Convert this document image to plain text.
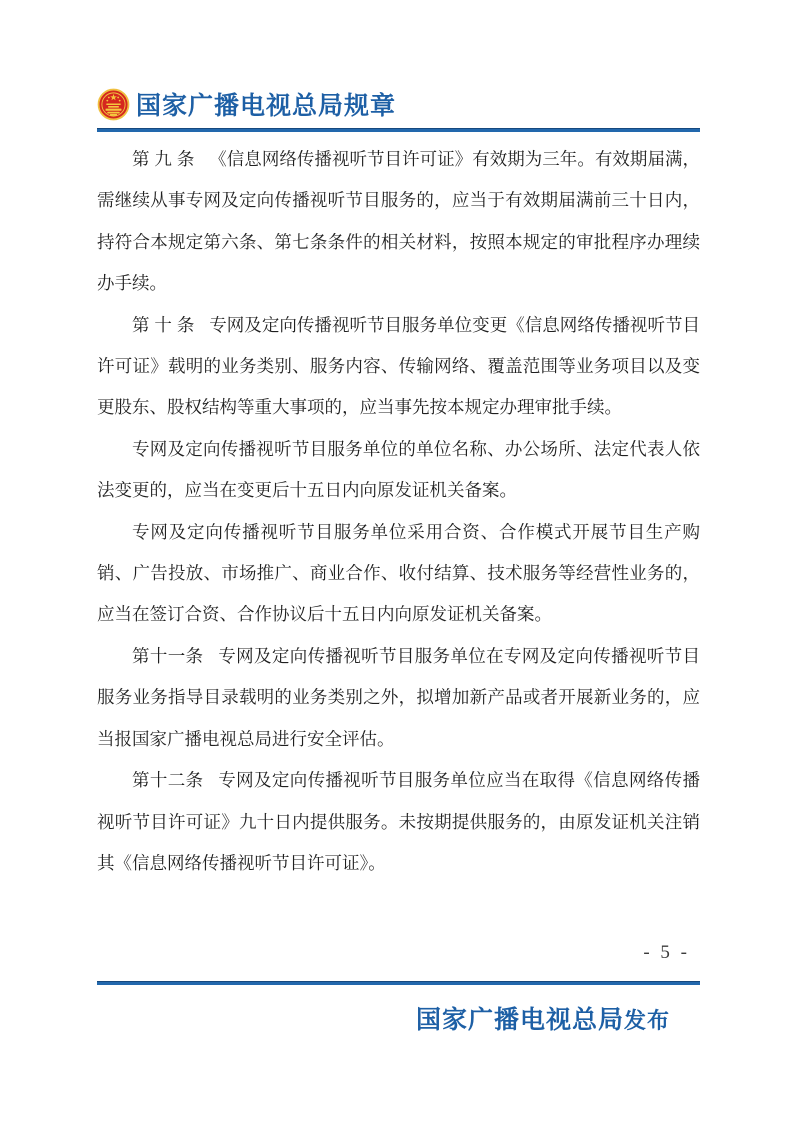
国家广播电视总局规章

第 九 条 《信息网络传播视听节目许可证》有效期为三年。有效期届满，需继续从事专网及定向传播视听节目服务的，应当于有效期届满前三十日内，持符合本规定第六条、第七条条件的相关材料，按照本规定的审批程序办理续办手续。

第 十 条 专网及定向传播视听节目服务单位变更《信息网络传播视听节目许可证》载明的业务类别、服务内容、传输网络、覆盖范围等业务项目以及变更股东、股权结构等重大事项的，应当事先按本规定办理审批手续。

专网及定向传播视听节目服务单位的单位名称、办公场所、法定代表人依法变更的，应当在变更后十五日内向原发证机关备案。

专网及定向传播视听节目服务单位采用合资、合作模式开展节目生产购销、广告投放、市场推广、商业合作、收付结算、技术服务等经营性业务的，应当在签订合资、合作协议后十五日内向原发证机关备案。

第十一条 专网及定向传播视听节目服务单位在专网及定向传播视听节目服务业务指导目录载明的业务类别之外，拟增加新产品或者开展新业务的，应当报国家广播电视总局进行安全评估。

第十二条 专网及定向传播视听节目服务单位应当在取得《信息网络传播视听节目许可证》九十日内提供服务。未按期提供服务的，由原发证机关注销其《信息网络传播视听节目许可证》。

- 5 -
国家广播电视总局发布
